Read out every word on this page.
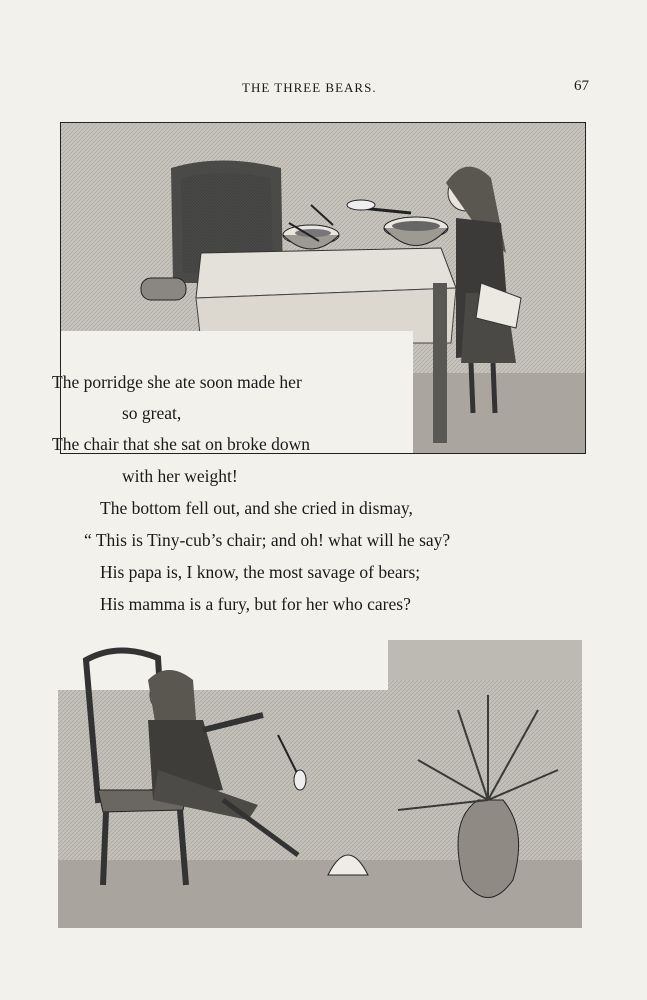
THE THREE BEARS.	67
The porridge she ate soon made her
so great,
The chair that she sat on broke down
with her weight!
The bottom fell out, and she cried in dismay,
“ This is Tiny-cub’s chair; and oh! what will he say?
His papa is, I know, the most savage of bears;
His mamma is a fury, but for her who cares?
